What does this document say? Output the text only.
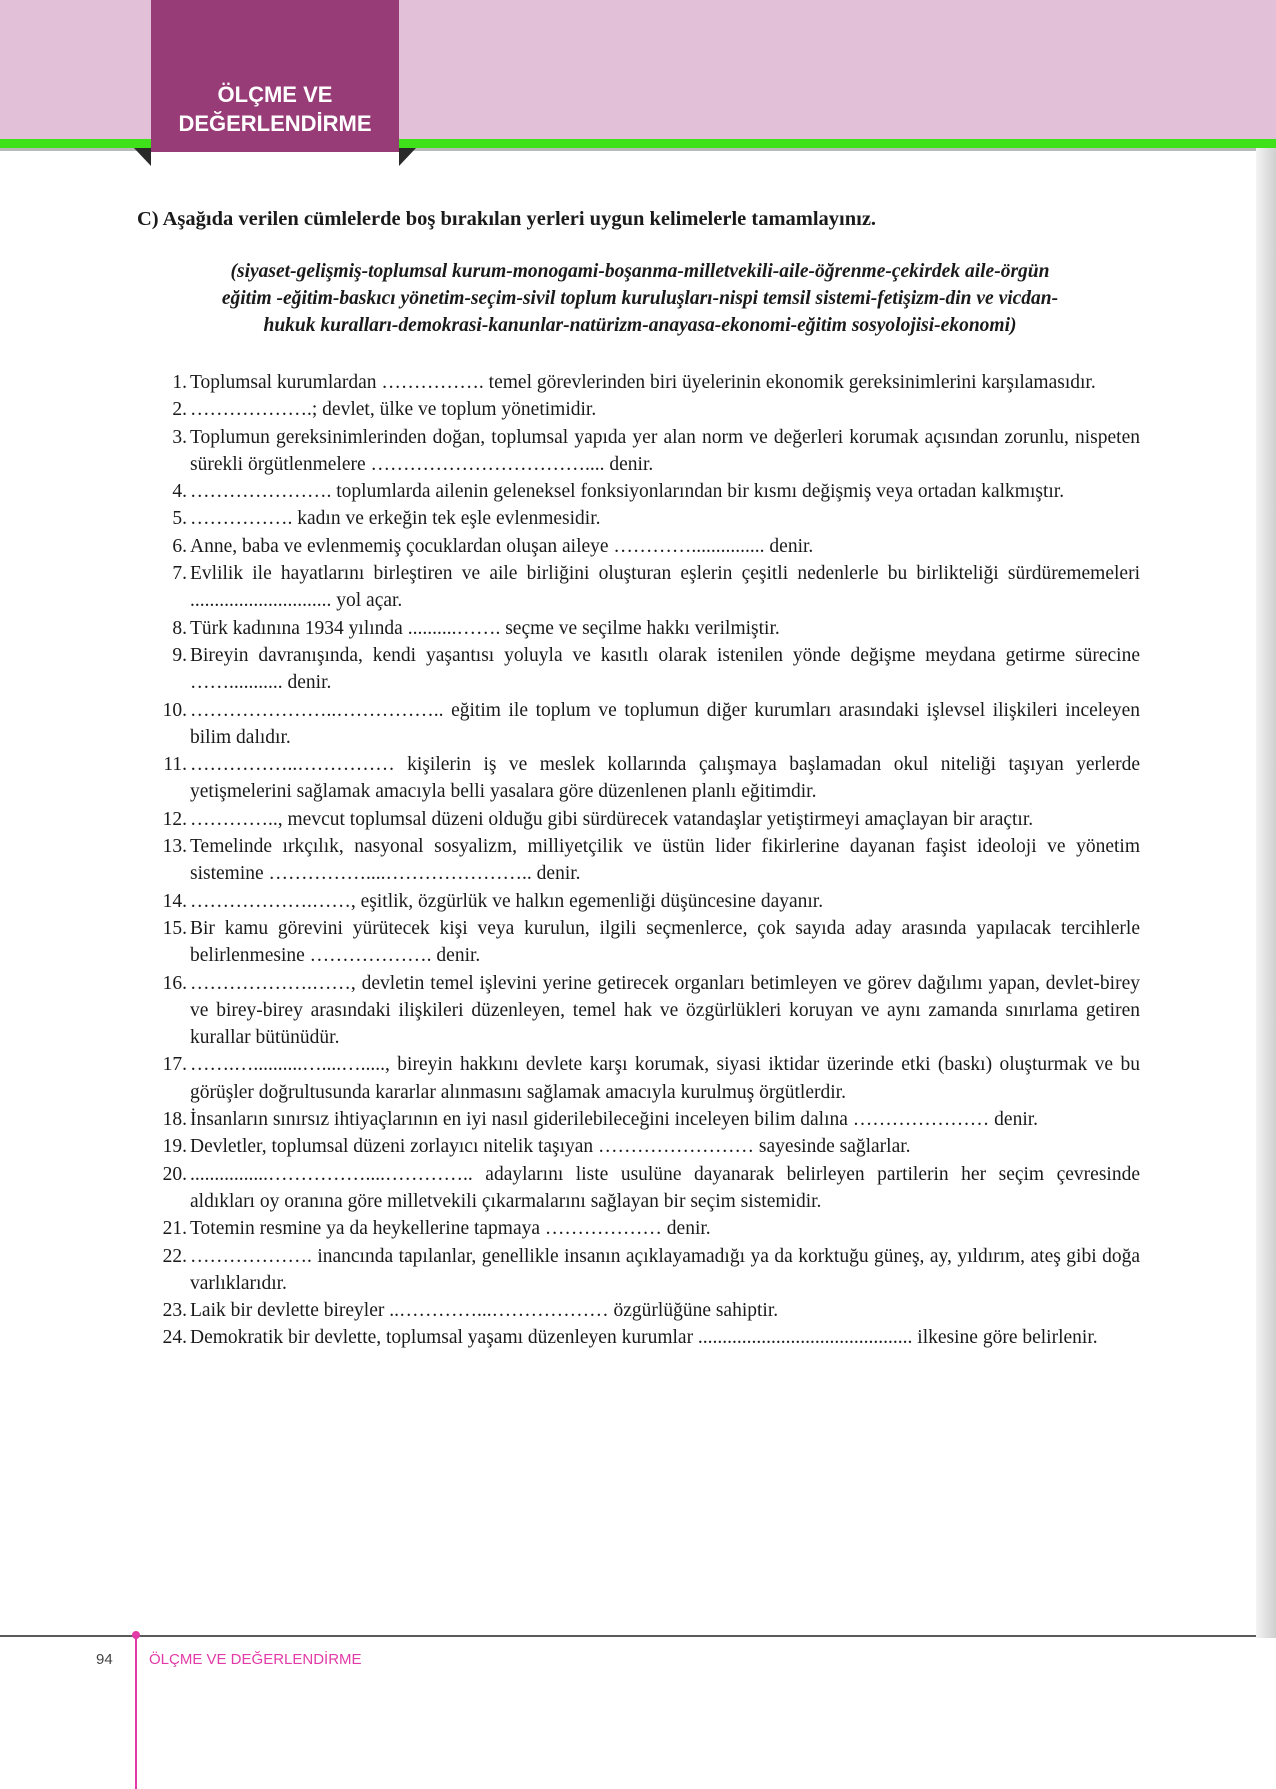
ÖLÇME VE
DEĞERLENDİRME
C) Aşağıda verilen cümlelerde boş bırakılan yerleri uygun kelimelerle tamamlayınız.
(siyaset-gelişmiş-toplumsal kurum-monogami-boşanma-milletvekili-aile-öğrenme-çekirdek aile-örgün
eğitim -eğitim-baskıcı yönetim-seçim-sivil toplum kuruluşları-nispi temsil sistemi-fetişizm-din ve vicdan-
hukuk kuralları-demokrasi-kanunlar-natürizm-anayasa-ekonomi-eğitim sosyolojisi-ekonomi)
1. Toplumsal kurumlardan ……………. temel görevlerinden biri üyelerinin ekonomik gereksinimlerini karşılamasıdır.
2. ……………….; devlet, ülke ve toplum yönetimidir.
3. Toplumun gereksinimlerinden doğan, toplumsal yapıda yer alan norm ve değerleri korumak açısından zorunlu, nispeten sürekli örgütlenmelere …………………………….... denir.
4. …………………. toplumlarda ailenin geleneksel fonksiyonlarından bir kısmı değişmiş veya ortadan kalkmıştır.
5. ……………. kadın ve erkeğin tek eşle evlenmesidir.
6. Anne, baba ve evlenmemiş çocuklardan oluşan aileye …………............... denir.
7. Evlilik ile hayatlarını birleştiren ve aile birliğini oluşturan eşlerin çeşitli nedenlerle bu birlikteliği sürdürememeleri ............................. yol açar.
8. Türk kadınına 1934 yılında ..........……. seçme ve seçilme hakkı verilmiştir.
9. Bireyin davranışında, kendi yaşantısı yoluyla ve kasıtlı olarak istenilen yönde değişme meydana getirme sürecine ……........... denir.
10. …………………..…………….. eğitim ile toplum ve toplumun diğer kurumları arasındaki işlevsel ilişkileri inceleyen bilim dalıdır.
11. ……………..…………… kişilerin iş ve meslek kollarında çalışmaya başlamadan okul niteliği taşıyan yerlerde yetişmelerini sağlamak amacıyla belli yasalara göre düzenlenen planlı eğitimdir.
12. ………….., mevcut toplumsal düzeni olduğu gibi sürdürecek vatandaşlar yetiştirmeyi amaçlayan bir araçtır.
13. Temelinde ırkçılık, nasyonal sosyalizm, milliyetçilik ve üstün lider fikirlerine dayanan faşist ideoloji ve yönetim sistemine ……………....………………….. denir.
14. ……………….……, eşitlik, özgürlük ve halkın egemenliği düşüncesine dayanır.
15. Bir kamu görevini yürütecek kişi veya kurulun, ilgili seçmenlerce, çok sayıda aday arasında yapılacak tercihlerle belirlenmesine ………………. denir.
16. ……………….……, devletin temel işlevini yerine getirecek organları betimleyen ve görev dağılımı yapan, devlet-birey ve birey-birey arasındaki ilişkileri düzenleyen, temel hak ve özgürlükleri koruyan ve aynı zamanda sınırlama getiren kurallar bütünüdür.
17. …….…..........…....…....., bireyin hakkını devlete karşı korumak, siyasi iktidar üzerinde etki (baskı) oluşturmak ve bu görüşler doğrultusunda kararlar alınmasını sağlamak amacıyla kurulmuş örgütlerdir.
18. İnsanların sınırsız ihtiyaçlarının en iyi nasıl giderilebileceğini inceleyen bilim dalına ………………… denir.
19. Devletler, toplumsal düzeni zorlayıcı nitelik taşıyan …………………… sayesinde sağlarlar.
20. ................……………....………….. adaylarını liste usulüne dayanarak belirleyen partilerin her seçim çevresinde aldıkları oy oranına göre milletvekili çıkarmalarını sağlayan bir seçim sistemidir.
21. Totemin resmine ya da heykellerine tapmaya ……………… denir.
22. ………………. inancında tapılanlar, genellikle insanın açıklayamadığı ya da korktuğu güneş, ay, yıldırım, ateş gibi doğa varlıklarıdır.
23. Laik bir devlette bireyler ..…………...……………… özgürlüğüne sahiptir.
24. Demokratik bir devlette, toplumsal yaşamı düzenleyen kurumlar ............................................ ilkesine göre belirlenir.
94 ÖLÇME VE DEĞERLENDİRME
